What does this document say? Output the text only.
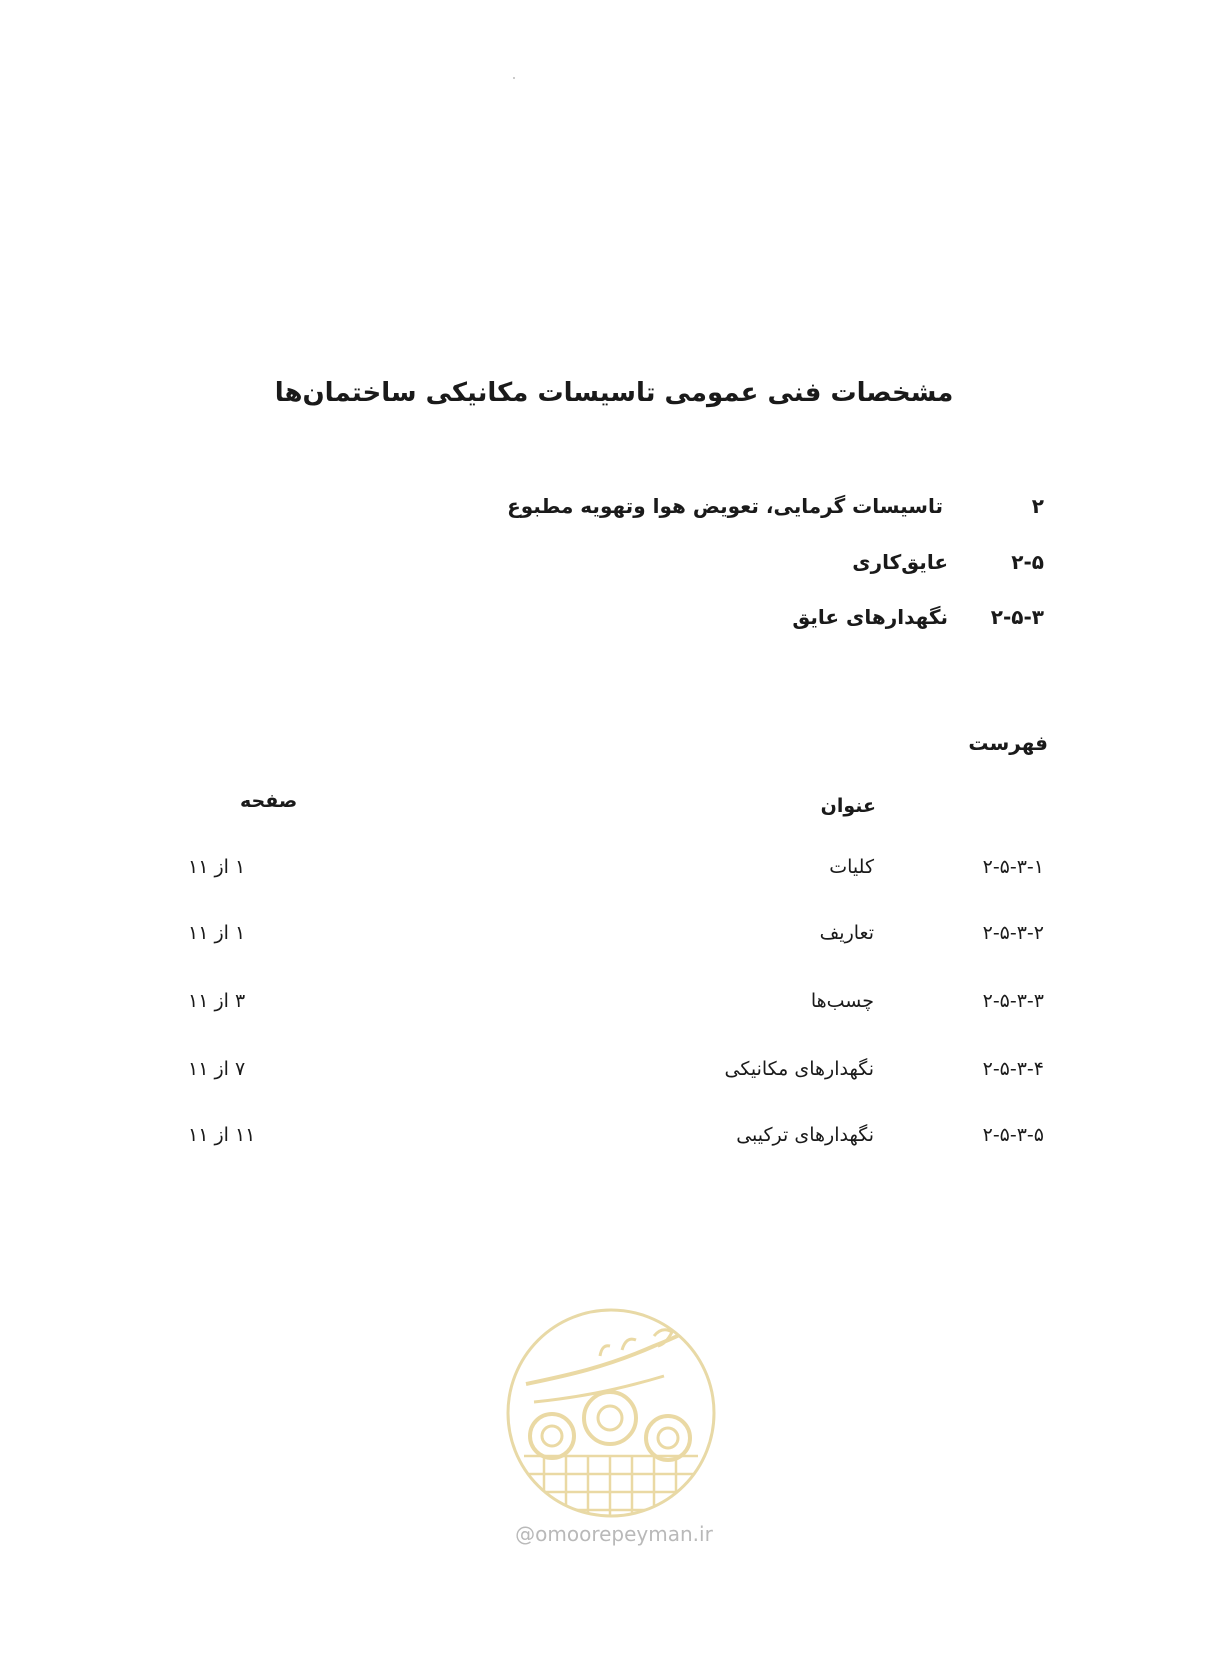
مشخصات فنی عمومی تاسیسات مکانیکی ساختمان‌ها
۲
تاسیسات گرمایی، تعویض هوا وتهویه مطبوع
۲-۵
عایق‌کاری
۲-۵-۳
نگهدارهای عایق
فهرست
عنوان
صفحه
۲-۵-۳-۱
کلیات
۱ از ۱۱
۲-۵-۳-۲
تعاریف
۱ از ۱۱
۲-۵-۳-۳
چسب‌ها
۳ از ۱۱
۲-۵-۳-۴
نگهدارهای مکانیکی
۷ از ۱۱
۲-۵-۳-۵
نگهدارهای ترکیبی
۱۱ از ۱۱
@omoorepeyman.ir
